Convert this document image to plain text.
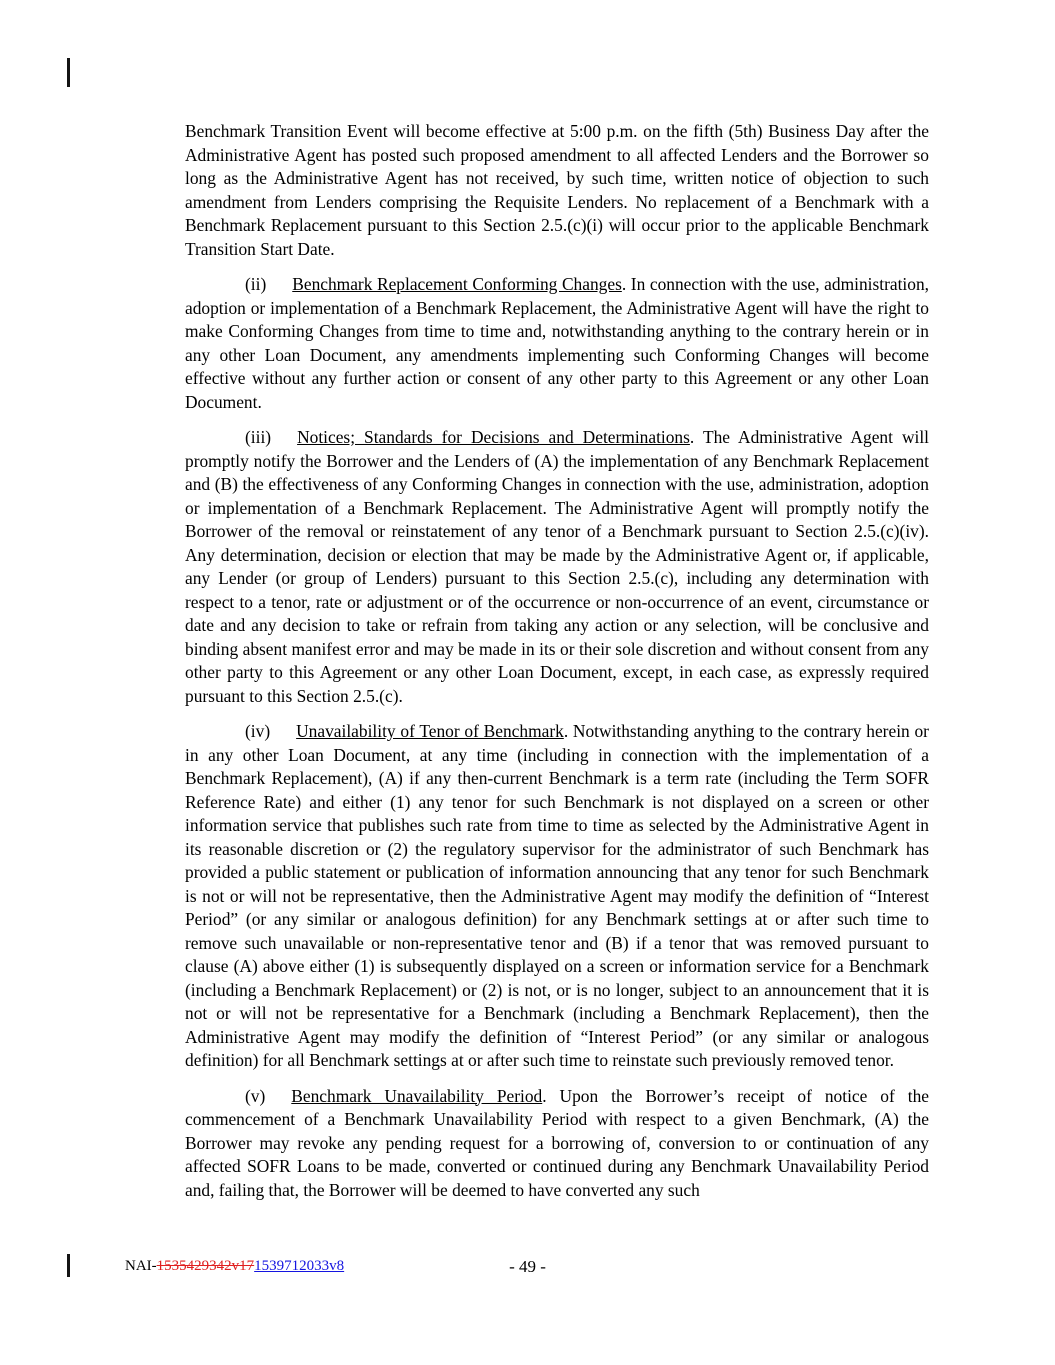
Benchmark Transition Event will become effective at 5:00 p.m. on the fifth (5th) Business Day after the Administrative Agent has posted such proposed amendment to all affected Lenders and the Borrower so long as the Administrative Agent has not received, by such time, written notice of objection to such amendment from Lenders comprising the Requisite Lenders. No replacement of a Benchmark with a Benchmark Replacement pursuant to this Section 2.5.(c)(i) will occur prior to the applicable Benchmark Transition Start Date.

(ii) Benchmark Replacement Conforming Changes. In connection with the use, administration, adoption or implementation of a Benchmark Replacement, the Administrative Agent will have the right to make Conforming Changes from time to time and, notwithstanding anything to the contrary herein or in any other Loan Document, any amendments implementing such Conforming Changes will become effective without any further action or consent of any other party to this Agreement or any other Loan Document.

(iii) Notices; Standards for Decisions and Determinations. The Administrative Agent will promptly notify the Borrower and the Lenders of (A) the implementation of any Benchmark Replacement and (B) the effectiveness of any Conforming Changes in connection with the use, administration, adoption or implementation of a Benchmark Replacement. The Administrative Agent will promptly notify the Borrower of the removal or reinstatement of any tenor of a Benchmark pursuant to Section 2.5.(c)(iv). Any determination, decision or election that may be made by the Administrative Agent or, if applicable, any Lender (or group of Lenders) pursuant to this Section 2.5.(c), including any determination with respect to a tenor, rate or adjustment or of the occurrence or non-occurrence of an event, circumstance or date and any decision to take or refrain from taking any action or any selection, will be conclusive and binding absent manifest error and may be made in its or their sole discretion and without consent from any other party to this Agreement or any other Loan Document, except, in each case, as expressly required pursuant to this Section 2.5.(c).

(iv) Unavailability of Tenor of Benchmark. Notwithstanding anything to the contrary herein or in any other Loan Document, at any time (including in connection with the implementation of a Benchmark Replacement), (A) if any then-current Benchmark is a term rate (including the Term SOFR Reference Rate) and either (1) any tenor for such Benchmark is not displayed on a screen or other information service that publishes such rate from time to time as selected by the Administrative Agent in its reasonable discretion or (2) the regulatory supervisor for the administrator of such Benchmark has provided a public statement or publication of information announcing that any tenor for such Benchmark is not or will not be representative, then the Administrative Agent may modify the definition of “Interest Period” (or any similar or analogous definition) for any Benchmark settings at or after such time to remove such unavailable or non-representative tenor and (B) if a tenor that was removed pursuant to clause (A) above either (1) is subsequently displayed on a screen or information service for a Benchmark (including a Benchmark Replacement) or (2) is not, or is no longer, subject to an announcement that it is not or will not be representative for a Benchmark (including a Benchmark Replacement), then the Administrative Agent may modify the definition of “Interest Period” (or any similar or analogous definition) for all Benchmark settings at or after such time to reinstate such previously removed tenor.

(v) Benchmark Unavailability Period. Upon the Borrower’s receipt of notice of the commencement of a Benchmark Unavailability Period with respect to a given Benchmark, (A) the Borrower may revoke any pending request for a borrowing of, conversion to or continuation of any affected SOFR Loans to be made, converted or continued during any Benchmark Unavailability Period and, failing that, the Borrower will be deemed to have converted any such

NAI-1535429342v171539712033v8	- 49 -
